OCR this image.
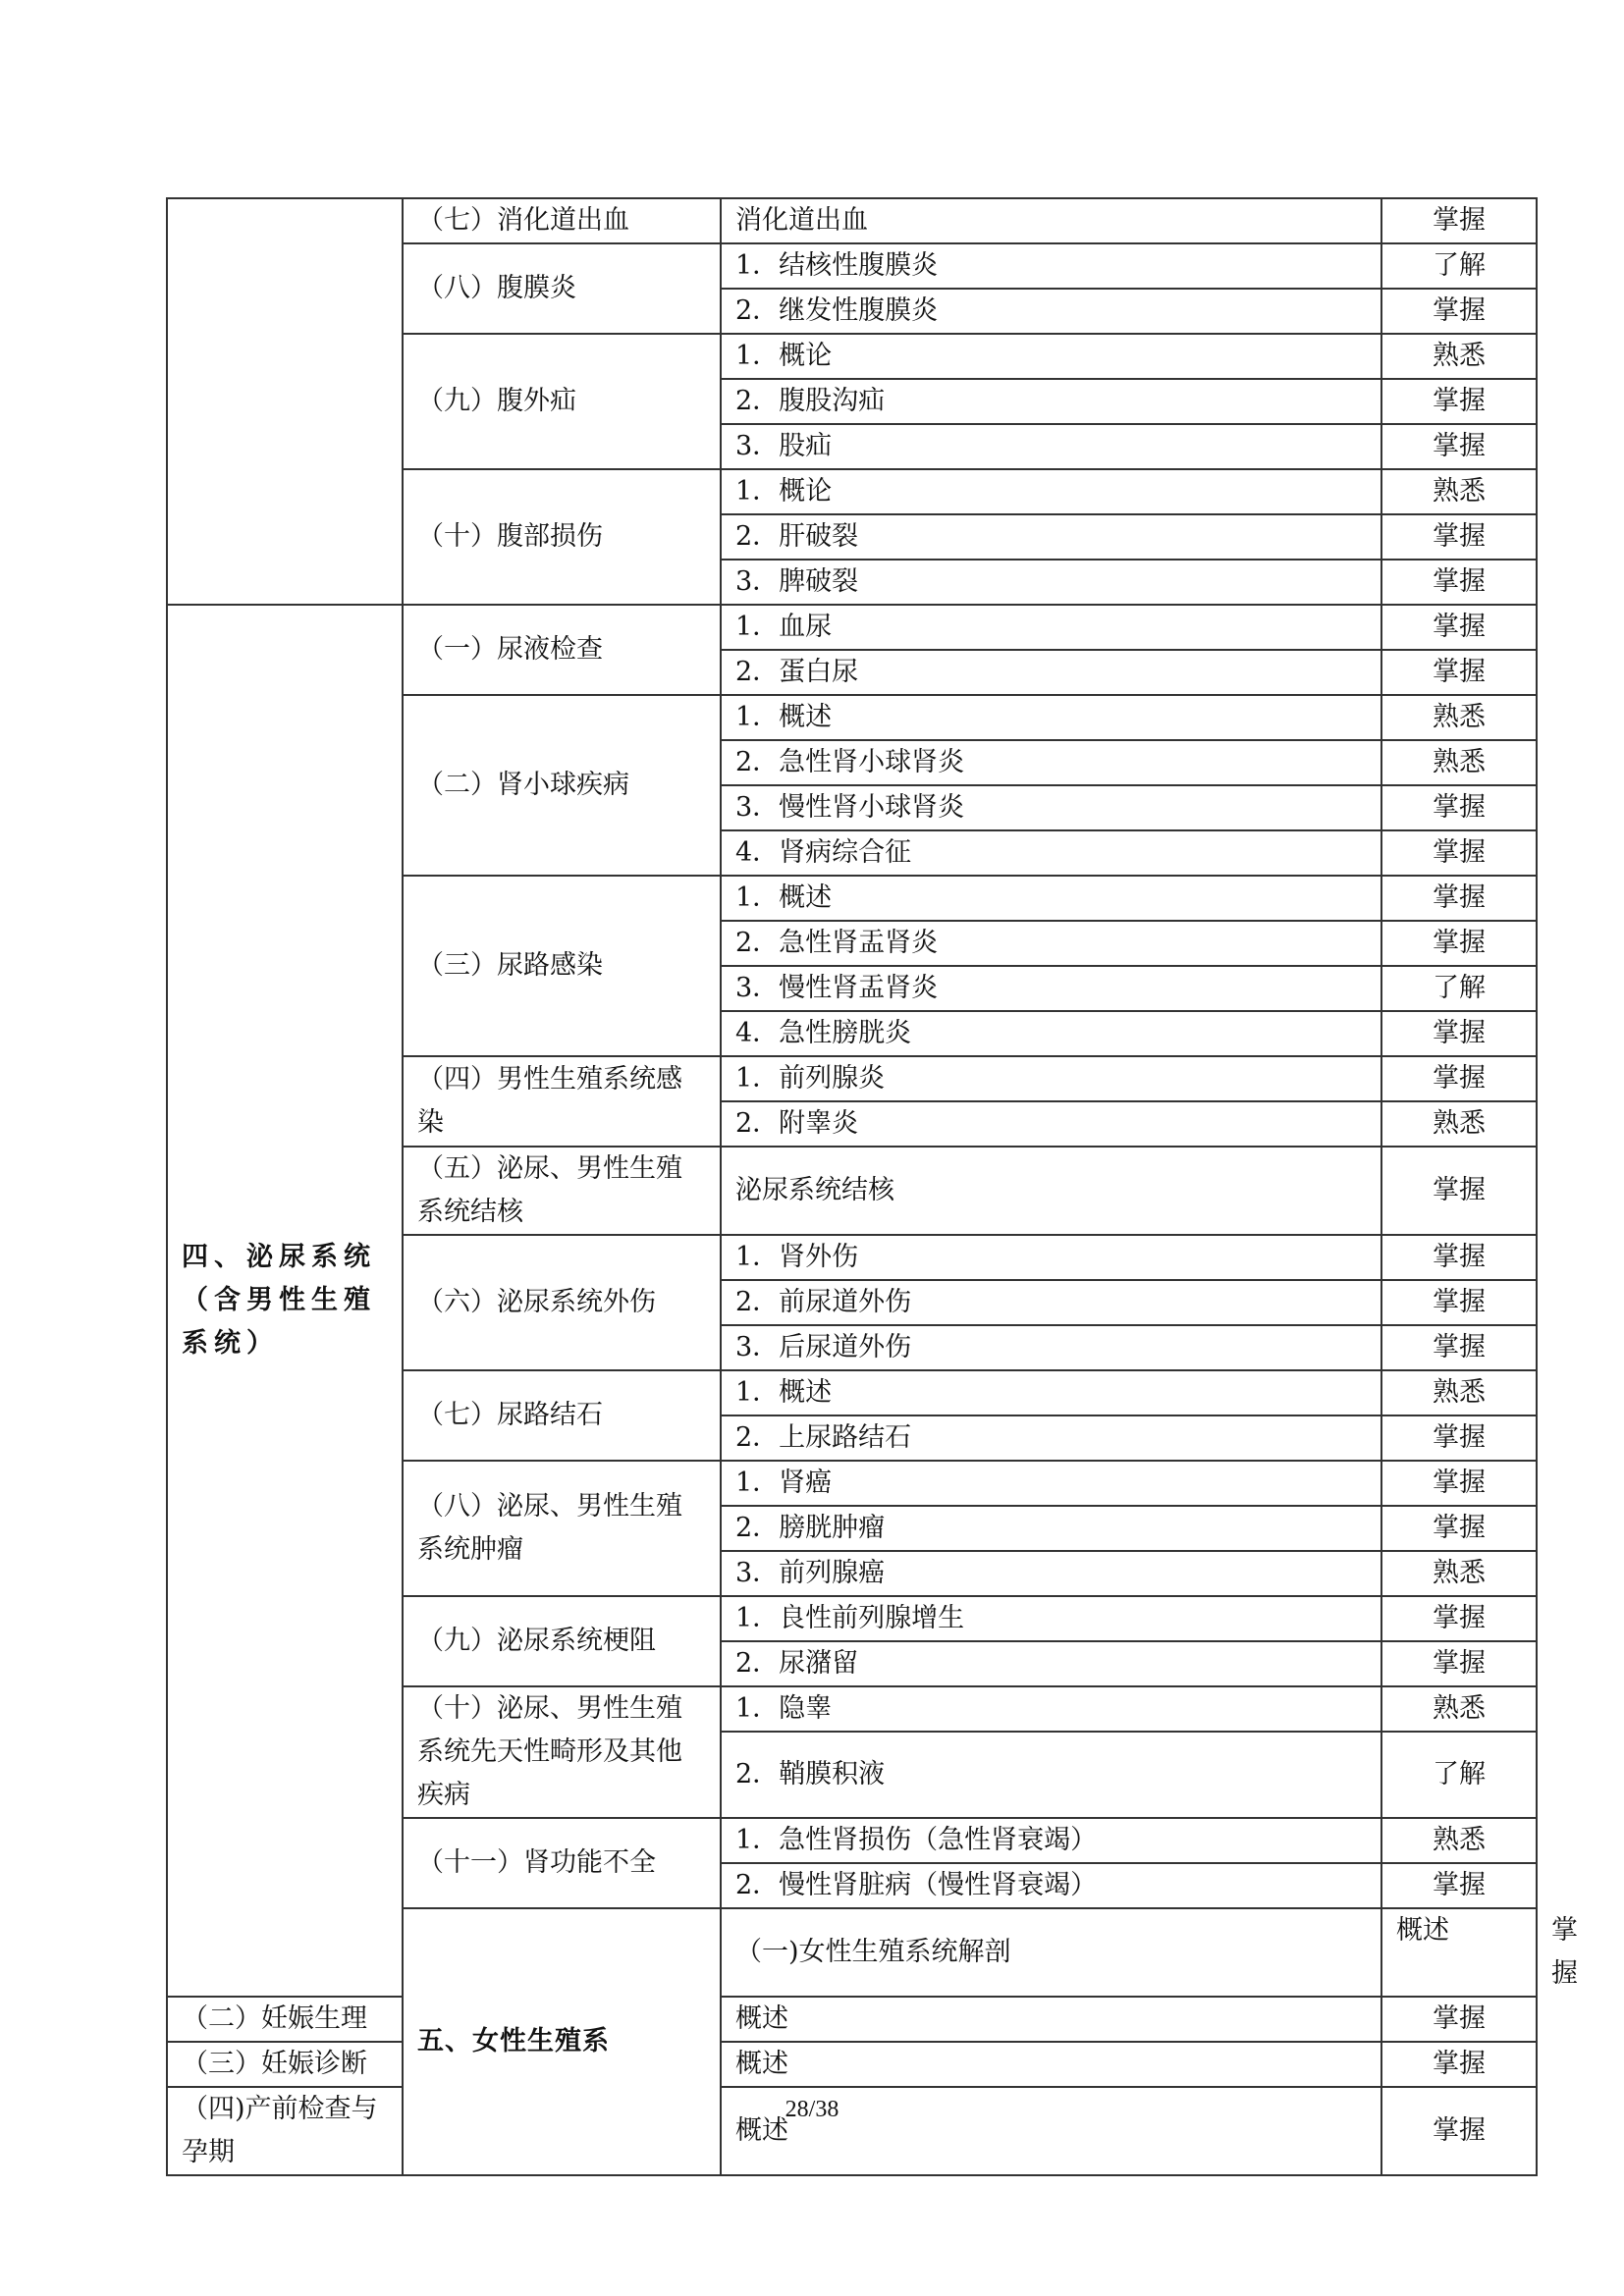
	（七）消化道出血	消化道出血	掌握	
	（八）腹膜炎	1．结核性腹膜炎	了解	
		2．继发性腹膜炎	掌握	
	（九）腹外疝	1．概论	熟悉	
		2．腹股沟疝	掌握	
		3．股疝	掌握	
	（十）腹部损伤	1．概论	熟悉	
		2．肝破裂	掌握	
		3．脾破裂	掌握	

四、泌尿系统
（含男性生殖
系统）	（一）尿液检查	1．血尿	掌握	
		2．蛋白尿	掌握	
	（二）肾小球疾病	1．概述	熟悉	
		2．急性肾小球肾炎	熟悉	
		3．慢性肾小球肾炎	掌握	
		4．肾病综合征	掌握	
	（三）尿路感染	1．概述	掌握	
		2．急性肾盂肾炎	掌握	
		3．慢性肾盂肾炎	了解	
		4．急性膀胱炎	掌握	
	（四）男性生殖系统感染	1．前列腺炎	掌握	
		2．附睾炎	熟悉	
	（五）泌尿、男性生殖系统结核	泌尿系统结核	掌握	
	（六）泌尿系统外伤	1．肾外伤	掌握	
		2．前尿道外伤	掌握	
		3．后尿道外伤	掌握	
	（七）尿路结石	1．概述	熟悉	
		2．上尿路结石	掌握	
	（八）泌尿、男性生殖系统肿瘤	1．肾癌	掌握	
		2．膀胱肿瘤	掌握	
		3．前列腺癌	熟悉	
	（九）泌尿系统梗阻	1．良性前列腺增生	掌握	
		2．尿潴留	掌握	
	（十）泌尿、男性生殖系统先天性畸形及其他疾病	1．隐睾	熟悉	
		2．鞘膜积液	了解	
	（十一）肾功能不全	1．急性肾损伤（急性肾衰竭）	熟悉	
		2．慢性肾脏病（慢性肾衰竭）	掌握	
	五、女性生殖系	（一)女性生殖系统解剖	概述	掌握
（二）妊娠生理		概述	掌握	
（三）妊娠诊断		概述	掌握	
（四)产前检查与孕期		概述	掌握	
28/38
